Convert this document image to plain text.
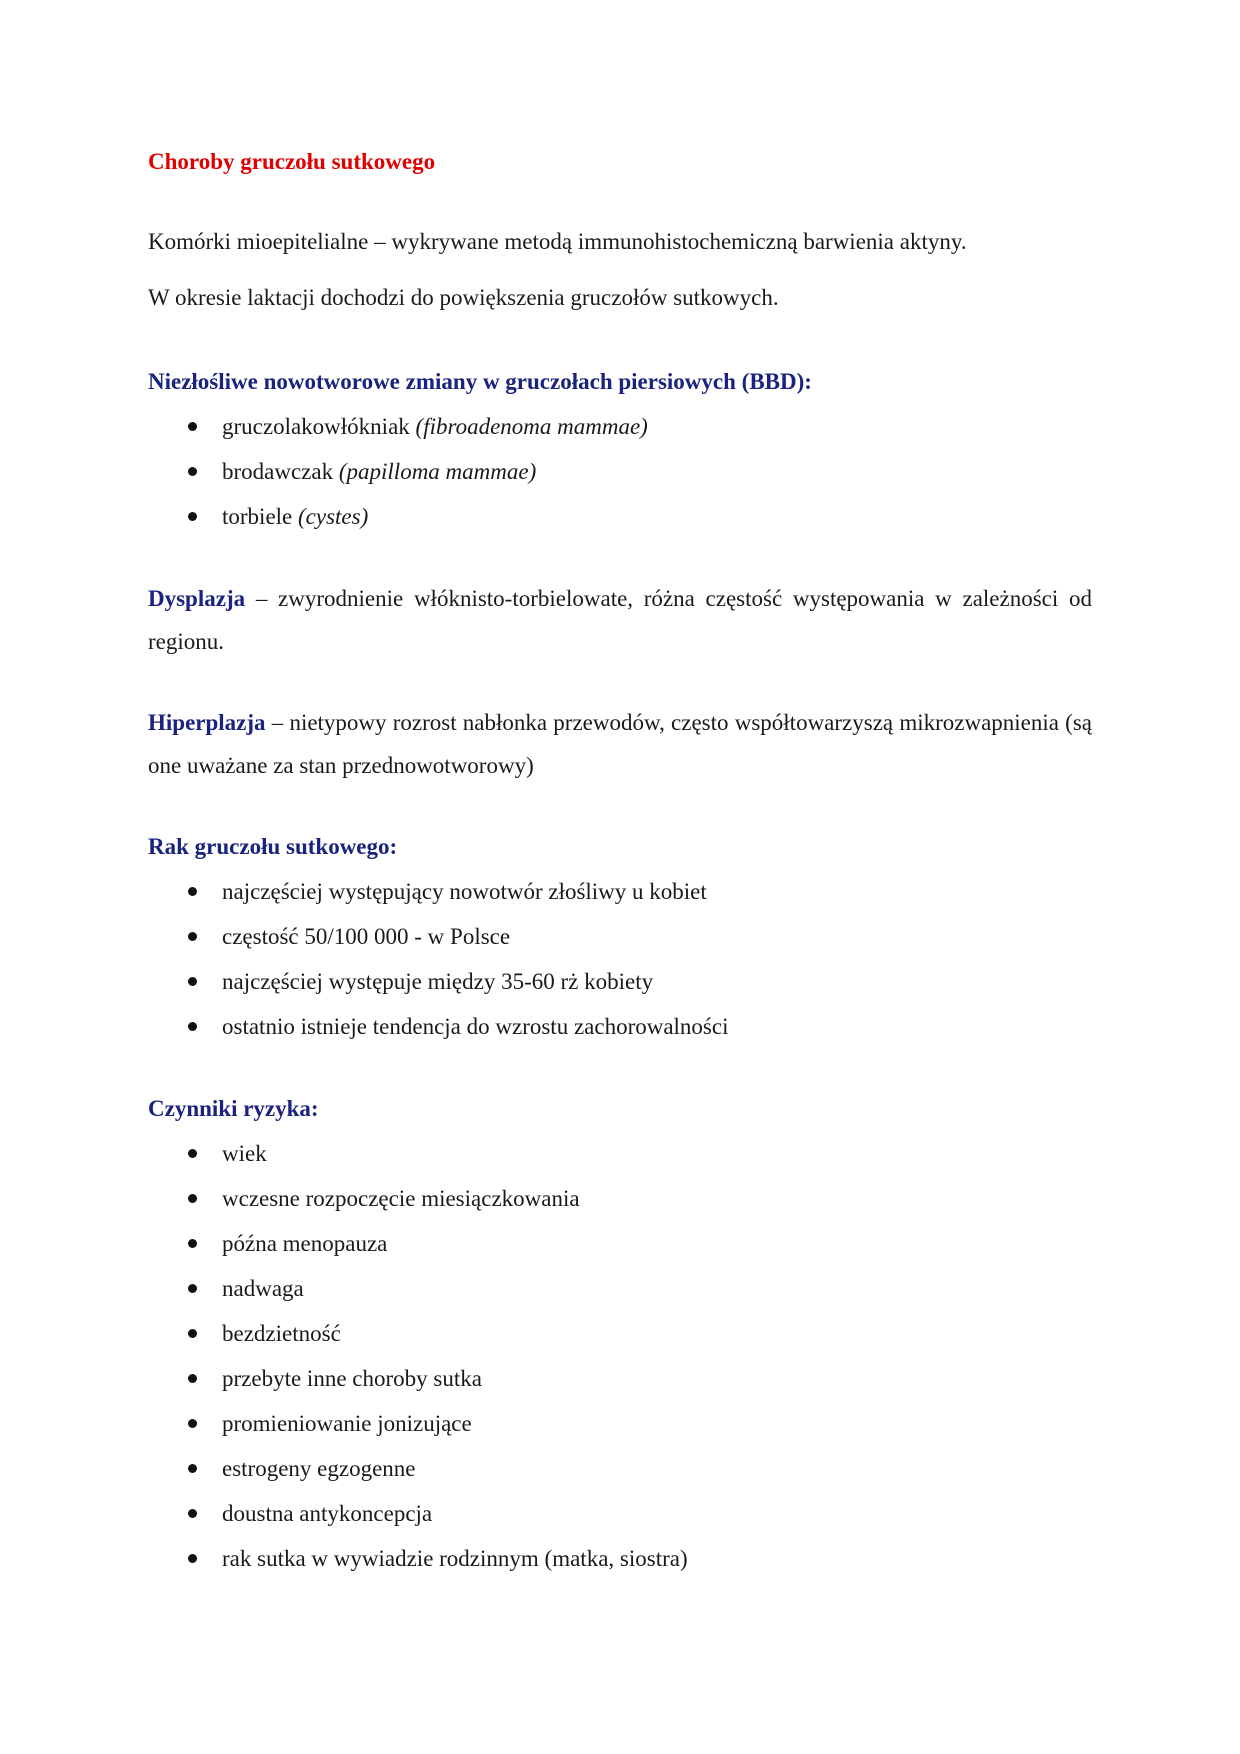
Choroby gruczołu sutkowego

Komórki mioepitelialne – wykrywane metodą immunohistochemiczną barwienia aktyny.

W okresie laktacji dochodzi do powiększenia gruczołów sutkowych.

Niezłośliwe nowotworowe zmiany w gruczołach piersiowych (BBD):

gruczolakowłókniak (fibroadenoma mammae)
brodawczak (papilloma mammae)
torbiele (cystes)

Dysplazja – zwyrodnienie włóknisto-torbielowate, różna częstość występowania w zależności od regionu.

Hiperplazja – nietypowy rozrost nabłonka przewodów, często współtowarzyszą mikrozwapnienia (są one uważane za stan przednowotworowy)

Rak gruczołu sutkowego:

najczęściej występujący nowotwór złośliwy u kobiet
częstość 50/100 000 - w Polsce
najczęściej występuje między 35-60 rż kobiety
ostatnio istnieje tendencja do wzrostu zachorowalności

Czynniki ryzyka:

wiek
wczesne rozpoczęcie miesiączkowania
późna menopauza
nadwaga
bezdzietność
przebyte inne choroby sutka
promieniowanie jonizujące
estrogeny egzogenne
doustna antykoncepcja
rak sutka w wywiadzie rodzinnym (matka, siostra)
